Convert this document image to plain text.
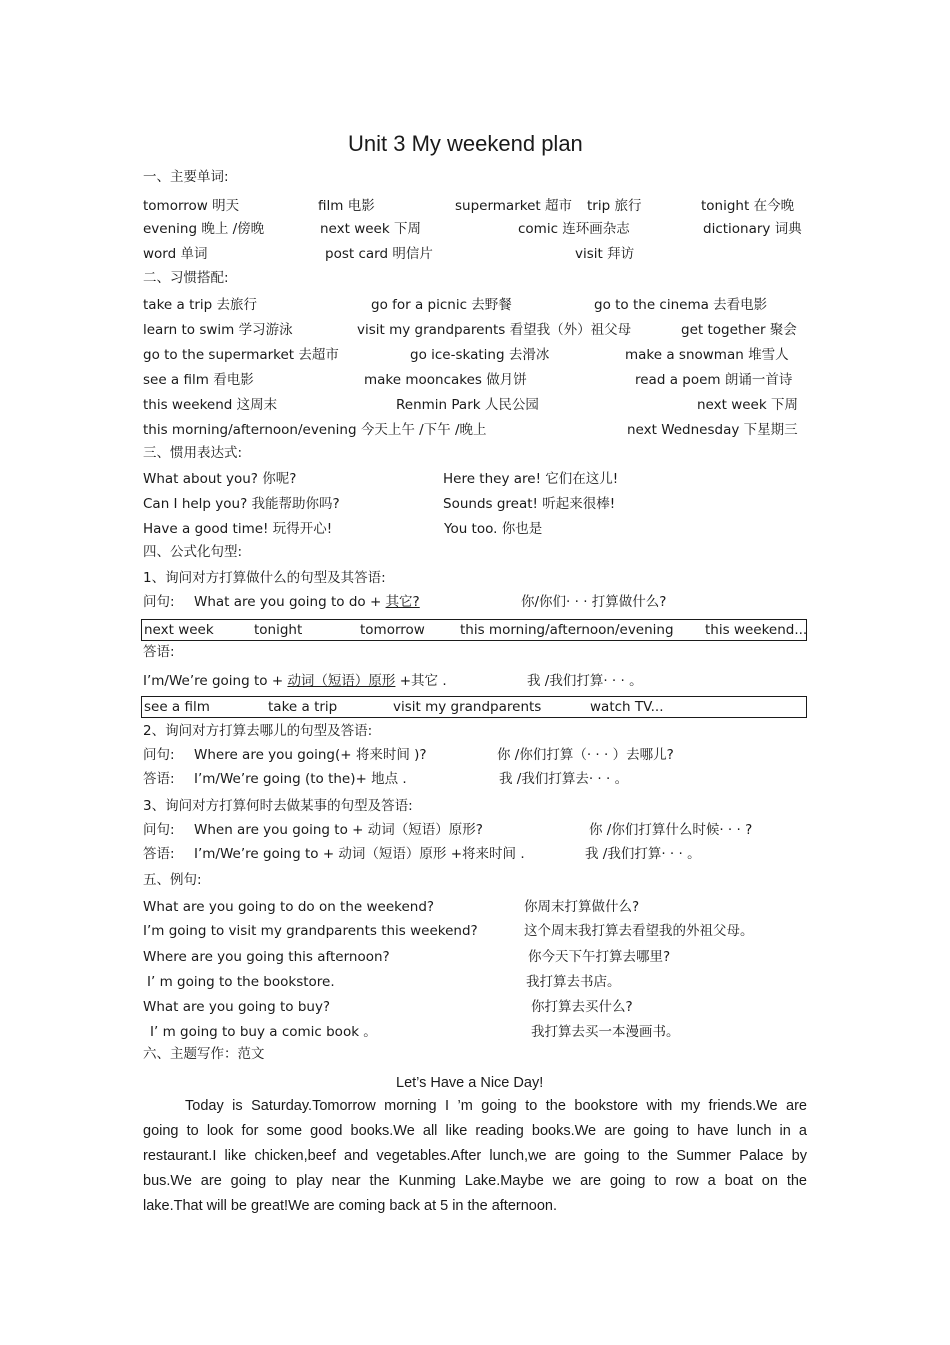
Unit 3 My weekend plan
一、主要单词:
tomorrow 明天	film 电影	supermarket 超市 trip 旅行	tonight 在今晚
evening 晚上 /傍晚	next week 下周	comic 连环画杂志	dictionary 词典
word 单词	post card 明信片	visit 拜访
二、习惯搭配:
take a trip 去旅行	go for a picnic 去野餐	go to the cinema 去看电影
learn to swim 学习游泳	visit my grandparents 看望我（外）祖父母	get together 聚会
go to the supermarket 去超市	go ice-skating 去滑冰	make a snowman 堆雪人
see a film 看电影	make mooncakes 做月饼	read a poem 朗诵一首诗
this weekend 这周末	Renmin Park 人民公园	next week 下周
this morning/afternoon/evening 今天上午 /下午 /晚上	next Wednesday 下星期三
三、惯用表达式:
What about you? 你呢?	Here they are! 它们在这儿!
Can I help you? 我能帮助你吗?	Sounds great! 听起来很棒!
Have a good time! 玩得开心!	You too. 你也是
四、公式化句型:
1、询问对方打算做什么的句型及其答语:
问句: What are you going to do + 其它?	你/你们· · · 打算做什么?
next week	tonight	tomorrow	this morning/afternoon/evening this weekend...
答语:
I’m/We’re going to + 动词（短语）原形 +其它 .	我 /我们打算· · · 。
see a film	take a trip	visit my grandparents	watch TV...
2、询问对方打算去哪儿的句型及答语:
问句: Where are you going(+ 将来时间 )?	你 /你们打算（· · · ）去哪儿?
答语: I’m/We’re going (to the)+ 地点 .	我 /我们打算去· · · 。
3、询问对方打算何时去做某事的句型及答语:
问句: When are you going to + 动词（短语）原形?	你 /你们打算什么时候· · · ?
答语: I’m/We’re going to + 动词（短语）原形 +将来时间 .	我 /我们打算· · · 。
五、例句:
What are you going to do on the weekend?	你周末打算做什么?
I’m going to visit my grandparents this weekend?	这个周末我打算去看望我的外祖父母。
Where are you going this afternoon?	你今天下午打算去哪里?
I’ m going to the bookstore.	我打算去书店。
What are you going to buy?	你打算去买什么?
I’ m going to buy a comic book 。	我打算去买一本漫画书。
六、主题写作：范文
Let’s Have a Nice Day!
Today is Saturday.Tomorrow morning I ’m going to the bookstore with my friends.We are
going to look for some good books.We all like reading books.We are going to have lunch in a
restaurant.I like chicken,beef and vegetables.After lunch,we are going to the Summer Palace by
bus.We are going to play near the Kunming Lake.Maybe we are going to row a boat on the
lake.That will be great!We are coming back at 5 in the afternoon.
